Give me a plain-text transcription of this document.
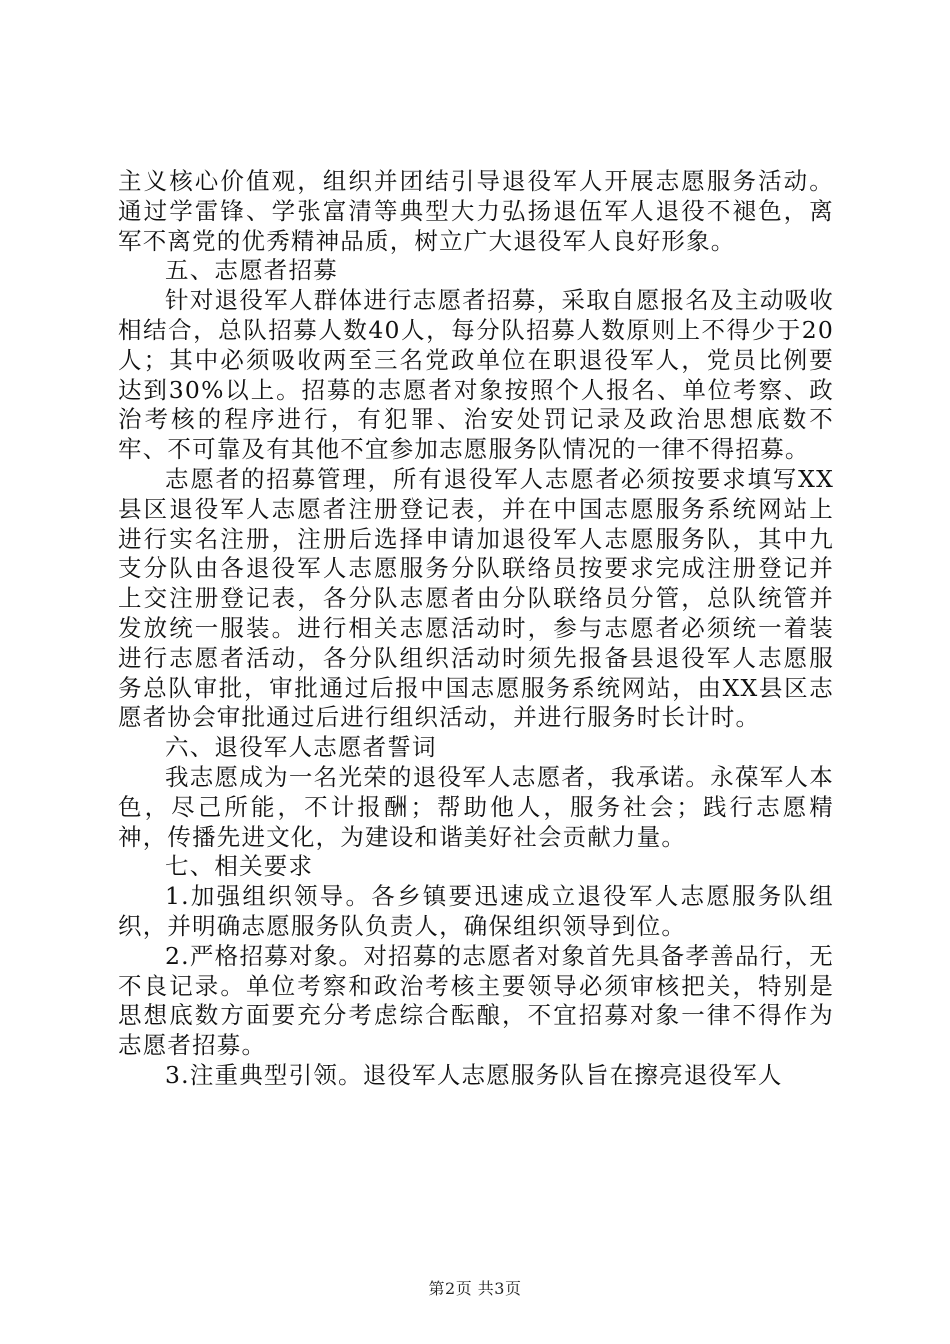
主义核心价值观，组织并团结引导退役军人开展志愿服务活动。通过学雷锋、学张富清等典型大力弘扬退伍军人退役不褪色，离军不离党的优秀精神品质，树立广大退役军人良好形象。

五、志愿者招募

针对退役军人群体进行志愿者招募，采取自愿报名及主动吸收相结合，总队招募人数40人，每分队招募人数原则上不得少于20人；其中必须吸收两至三名党政单位在职退役军人，党员比例要达到30%以上。招募的志愿者对象按照个人报名、单位考察、政治考核的程序进行，有犯罪、治安处罚记录及政治思想底数不牢、不可靠及有其他不宜参加志愿服务队情况的一律不得招募。

志愿者的招募管理，所有退役军人志愿者必须按要求填写XX县区退役军人志愿者注册登记表，并在中国志愿服务系统网站上进行实名注册，注册后选择申请加退役军人志愿服务队，其中九支分队由各退役军人志愿服务分队联络员按要求完成注册登记并上交注册登记表，各分队志愿者由分队联络员分管，总队统管并发放统一服装。进行相关志愿活动时，参与志愿者必须统一着装进行志愿者活动，各分队组织活动时须先报备县退役军人志愿服务总队审批，审批通过后报中国志愿服务系统网站，由XX县区志愿者协会审批通过后进行组织活动，并进行服务时长计时。

六、退役军人志愿者誓词

我志愿成为一名光荣的退役军人志愿者，我承诺。永葆军人本色，尽己所能，不计报酬；帮助他人，服务社会；践行志愿精神，传播先进文化，为建设和谐美好社会贡献力量。

七、相关要求

1.加强组织领导。各乡镇要迅速成立退役军人志愿服务队组织，并明确志愿服务队负责人，确保组织领导到位。

2.严格招募对象。对招募的志愿者对象首先具备孝善品行，无不良记录。单位考察和政治考核主要领导必须审核把关，特别是思想底数方面要充分考虑综合酝酿，不宜招募对象一律不得作为志愿者招募。

3.注重典型引领。退役军人志愿服务队旨在擦亮退役军人

第2页 共3页
